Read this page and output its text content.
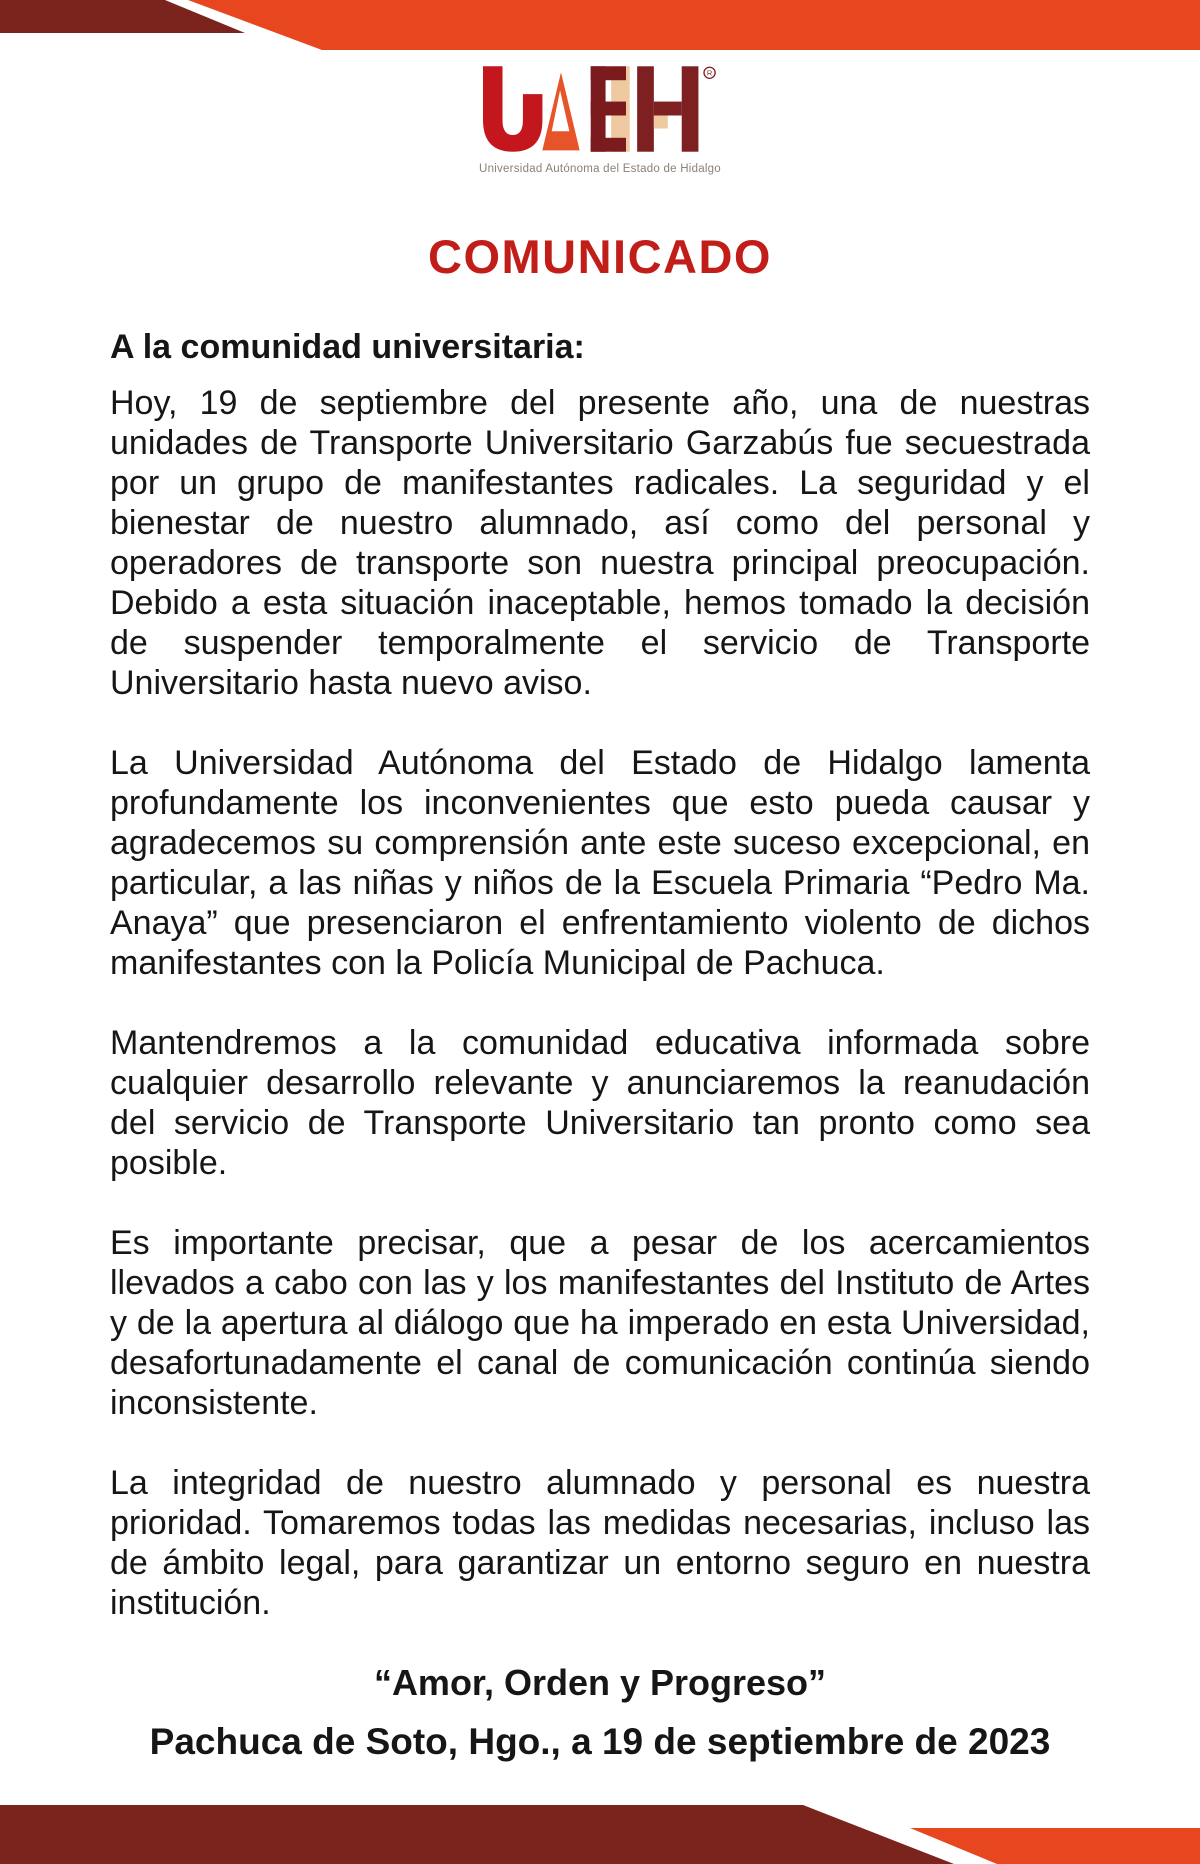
R
Universidad Autónoma del Estado de Hidalgo
COMUNICADO

A la comunidad universitaria:

Hoy, 19 de septiembre del presente año, una de nuestras unidades de Transporte Universitario Garzabús fue secuestrada por un grupo de manifestantes radicales. La seguridad y el bienestar de nuestro alumnado, así como del personal y operadores de transporte son nuestra principal preocupación. Debido a esta situación inaceptable, hemos tomado la decisión de suspender temporalmente el servicio de Transporte Universitario hasta nuevo aviso.

La Universidad Autónoma del Estado de Hidalgo lamenta profundamente los inconvenientes que esto pueda causar y agradecemos su comprensión ante este suceso excepcional, en particular, a las niñas y niños de la Escuela Primaria “Pedro Ma. Anaya” que presenciaron el enfrentamiento violento de dichos manifestantes con la Policía Municipal de Pachuca.

Mantendremos a la comunidad educativa informada sobre cualquier desarrollo relevante y anunciaremos la reanudación del servicio de Transporte Universitario tan pronto como sea posible.

Es importante precisar, que a pesar de los acercamientos llevados a cabo con las y los manifestantes del Instituto de Artes y de la apertura al diálogo que ha imperado en esta Universidad, desafortunadamente el canal de comunicación continúa siendo inconsistente.

La integridad de nuestro alumnado y personal es nuestra prioridad. Tomaremos todas las medidas necesarias, incluso las de ámbito legal, para garantizar un entorno seguro en nuestra institución.

“Amor, Orden y Progreso”

Pachuca de Soto, Hgo., a 19 de septiembre de 2023
